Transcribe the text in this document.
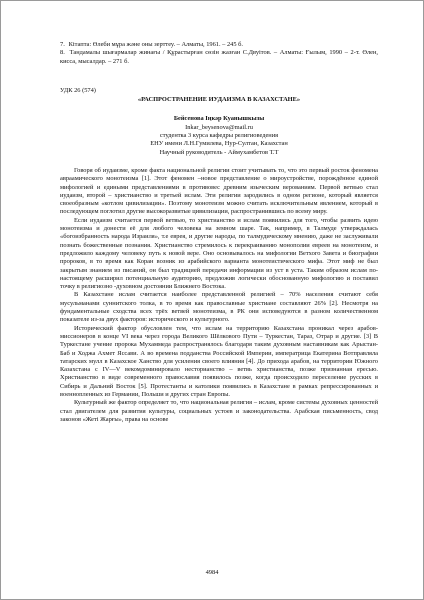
7. Кітапта: Өлеби мұра және оны зерттеу. – Алматы, 1961. – 245 б.

8. Тандамалы шығармалар жинағы / Құрастырған сөзін жазған С.Двуітов. – Алматы: Ғылым, 1990 – 2-т. Өлен, кисса, мысалдар. – 271 б.

УДК 26 (574)
«РАСПРОСТРАНЕНИЕ ИУДАИЗМА В КАЗАХСТАНЕ»
Бейсенова Іңкәр Куанышкызы
Inkar_beysenova@mail.ru
студентка 3 курса кафедры религиоведения
ЕНУ имени Л.Н.Гумилева, Нур-Султан, Казахстан
Научный руководитель - Аймухамбетов Т.Т

Говоря об иудаизме, кроме факта национальной религии стоит учитывать то, что это первый росток феномена авраамического монотеизма [1]. Этот феномен –новое представление о мироустройстве, порождённое единой мифологией и едиными представлениями в противовес древним языческим верованиям. Первой ветвью стал иудаизм, второй – христианство и третьей ислам. Эти религии зародились в одном регионе, который является своеобразным «котлом цивилизации». Поэтому монотеизм можно считать исключительным явлением, который в последующем поглотил другие высокоразвитые цивилизации, распространившись по всему миру.

Если иудаизм считается первой ветвью, то христианство и ислам появились для того, чтобы развить идею монотеизма и донести её для любого человека на земном шаре. Так, например, в Талмуде утверждалась «богоизбранность народа Израиля», т.е еврея, и другие народы, по талмудическому мнению, даже не заслуживали познать божественные познания. Христианство стремилось к перекраиванию монополии евреев на монотеизм, и предложило каждому человеку путь к новой вере. Оно основывалось на мифологии Ветхого Завета и биографии пророков, в то время как Коран возник из арабийского варианта монотеистического мифа. Этот миф не был закрытым знанием из писаний, он был традицией передачи информации из уст в уста. Таким образом ислам по-настоящему расширил потенциальную аудиторию, предложив логически обоснованную мифологию и поставил точку в религиозно -духовном достоянии Ближнего Востока.

В Казахстане ислам считается наиболее представленной религией – 70% населения считают себя мусульманами суннитского толка, в то время как православные христиане составляют 26% [2]. Несмотря на фундаментальные сходства всех трёх ветвей монотеизма, в РК они исповедуются в разном количественном показателе из-за двух факторов: исторического и культурного.

Исторический фактор обусловлен тем, что ислам на территорию Казахстана проникал через арабов-миссионеров в конце VI века через города Великого Шёлкового Пути – Туркестан, Тараз, Отрар и другие. [3] В Туркестане учение пророка Мухаммеда распространялось благодаря таким духовным наставникам как Арыстан-Баб и Ходжа Ахмет Яссави. А во времена подданства Российской Империи, императрица Екатерина Вотправляла татарских мулл в Казахское Ханство для усиления своего влияния [4]. До прихода арабов, на территории Южного Казахстана с IV—V векомдоминировало несторианство – ветвь христианства, позже признанная ересью. Христианство в виде современного православия появилось позже, когда происходило переселение русских в Сибирь и Дальний Восток [5]. Протестанты и католики появились в Казахстане в рамках репрессированных и военнопленных из Германии, Польши и других стран Европы.

Культурный же фактор определяет то, что национальная религия – ислам, кроме системы духовных ценностей стал двигателем для развития культуры, социальных устоев и законодательства. Арабская письменность, свод законов «Жеті Жарғы», права на основе

4984
